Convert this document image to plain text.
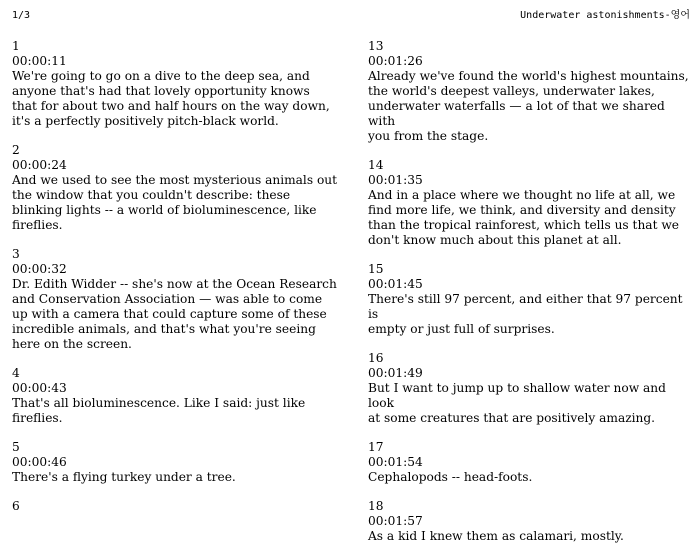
1/3	Underwater astonishments-영어
1
00:00:11
We're going to go on a dive to the deep sea, and
anyone that's had that lovely opportunity knows
that for about two and half hours on the way down,
it's a perfectly positively pitch-black world.
2
00:00:24
And we used to see the most mysterious animals out
the window that you couldn't describe: these
blinking lights -- a world of bioluminescence, like
fireflies.
3
00:00:32
Dr. Edith Widder -- she's now at the Ocean Research
and Conservation Association — was able to come
up with a camera that could capture some of these
incredible animals, and that's what you're seeing
here on the screen.
4
00:00:43
That's all bioluminescence. Like I said: just like
fireflies.
5
00:00:46
There's a flying turkey under a tree.
6
13
00:01:26
Already we've found the world's highest mountains,
the world's deepest valleys, underwater lakes,
underwater waterfalls — a lot of that we shared with
you from the stage.
14
00:01:35
And in a place where we thought no life at all, we
find more life, we think, and diversity and density
than the tropical rainforest, which tells us that we
don't know much about this planet at all.
15
00:01:45
There's still 97 percent, and either that 97 percent is
empty or just full of surprises.
16
00:01:49
But I want to jump up to shallow water now and look
at some creatures that are positively amazing.
17
00:01:54
Cephalopods -- head-foots.
18
00:01:57
As a kid I knew them as calamari, mostly.
